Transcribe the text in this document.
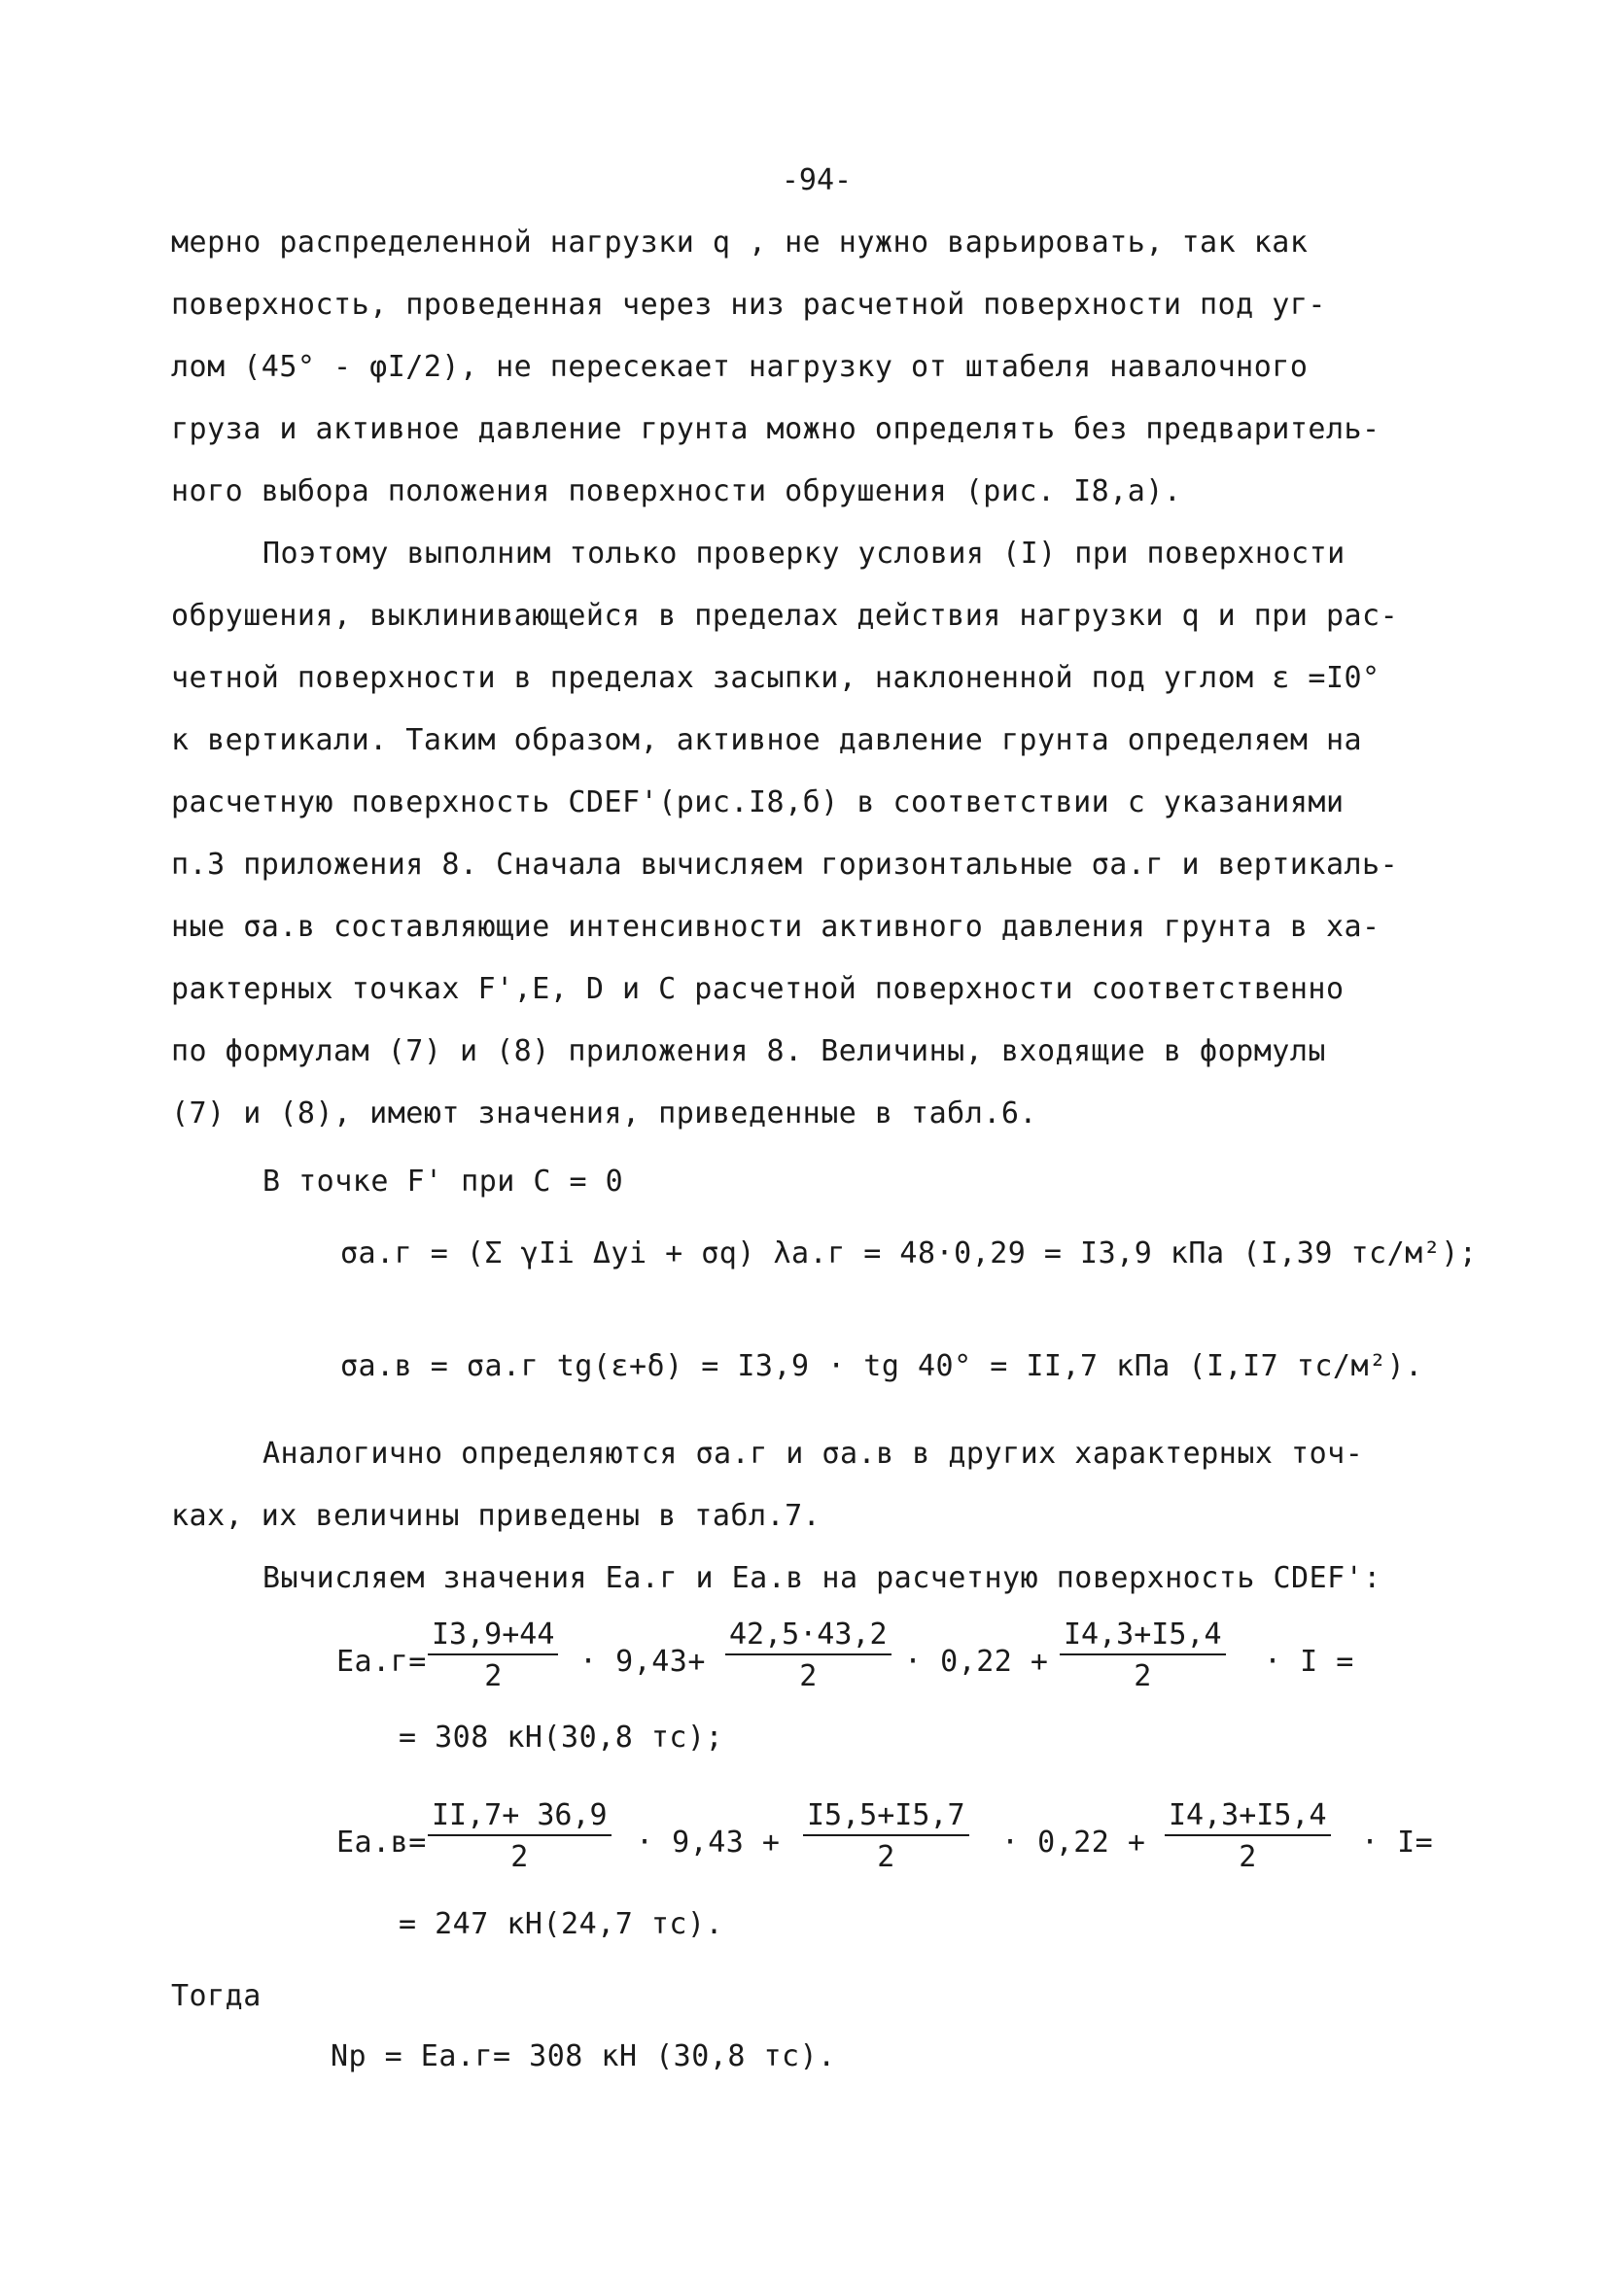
-94-
мерно распределенной нагрузки q , не нужно варьировать, так как
поверхность, проведенная через низ расчетной поверхности под уг-
лом (45° - φI/2), не пересекает нагрузку от штабеля навалочного
груза и активное давление грунта можно определять без предваритель-
ного выбора положения поверхности обрушения (рис. I8,а).
Поэтому выполним только проверку условия (I) при поверхности
обрушения, выклинивающейся в пределах действия нагрузки q и при рас-
четной поверхности в пределах засыпки, наклоненной под углом ε =I0°
к вертикали. Таким образом, активное давление грунта определяем на
расчетную поверхность CDEF'(рис.I8,б) в соответствии с указаниями
п.3 приложения 8. Сначала вычисляем горизонтальные σa.г и вертикаль-
ные σa.в составляющие интенсивности активного давления грунта в ха-
рактерных точках F',E, D и C расчетной поверхности соответственно
по формулам (7) и (8) приложения 8. Величины, входящие в формулы
(7) и (8), имеют значения, приведенные в табл.6.
В точке F' при C = 0
σa.г = (Σ γIi Δyi + σq) λa.г = 48·0,29 = I3,9 кПа (I,39 тс/м²);
σa.в = σa.г tg(ε+δ) = I3,9 · tg 40° = II,7 кПа (I,I7 тс/м²).
Аналогично определяются σa.г и σa.в в других характерных точ-
ках, их величины приведены в табл.7.
Вычисляем значения Ea.г и Ea.в на расчетную поверхность CDEF':
$Ea.г= \frac{I3,9+44}{2} \cdot 9,43+ \frac{42,5\cdot 43,2}{2} \cdot 0,22 + \frac{I4,3+I5,4}{2} \cdot I$ =
= 308 кН(30,8 тс);
$Ea.в= \frac{II,7+ 36,9}{2} \cdot 9,43 + \frac{I5,5+I5,7}{2} \cdot 0,22 + \frac{I4,3+I5,4}{2} \cdot I=$
= 247 кН(24,7 тс).
Тогда
Np = Ea.г= 308 кН (30,8 тс).
